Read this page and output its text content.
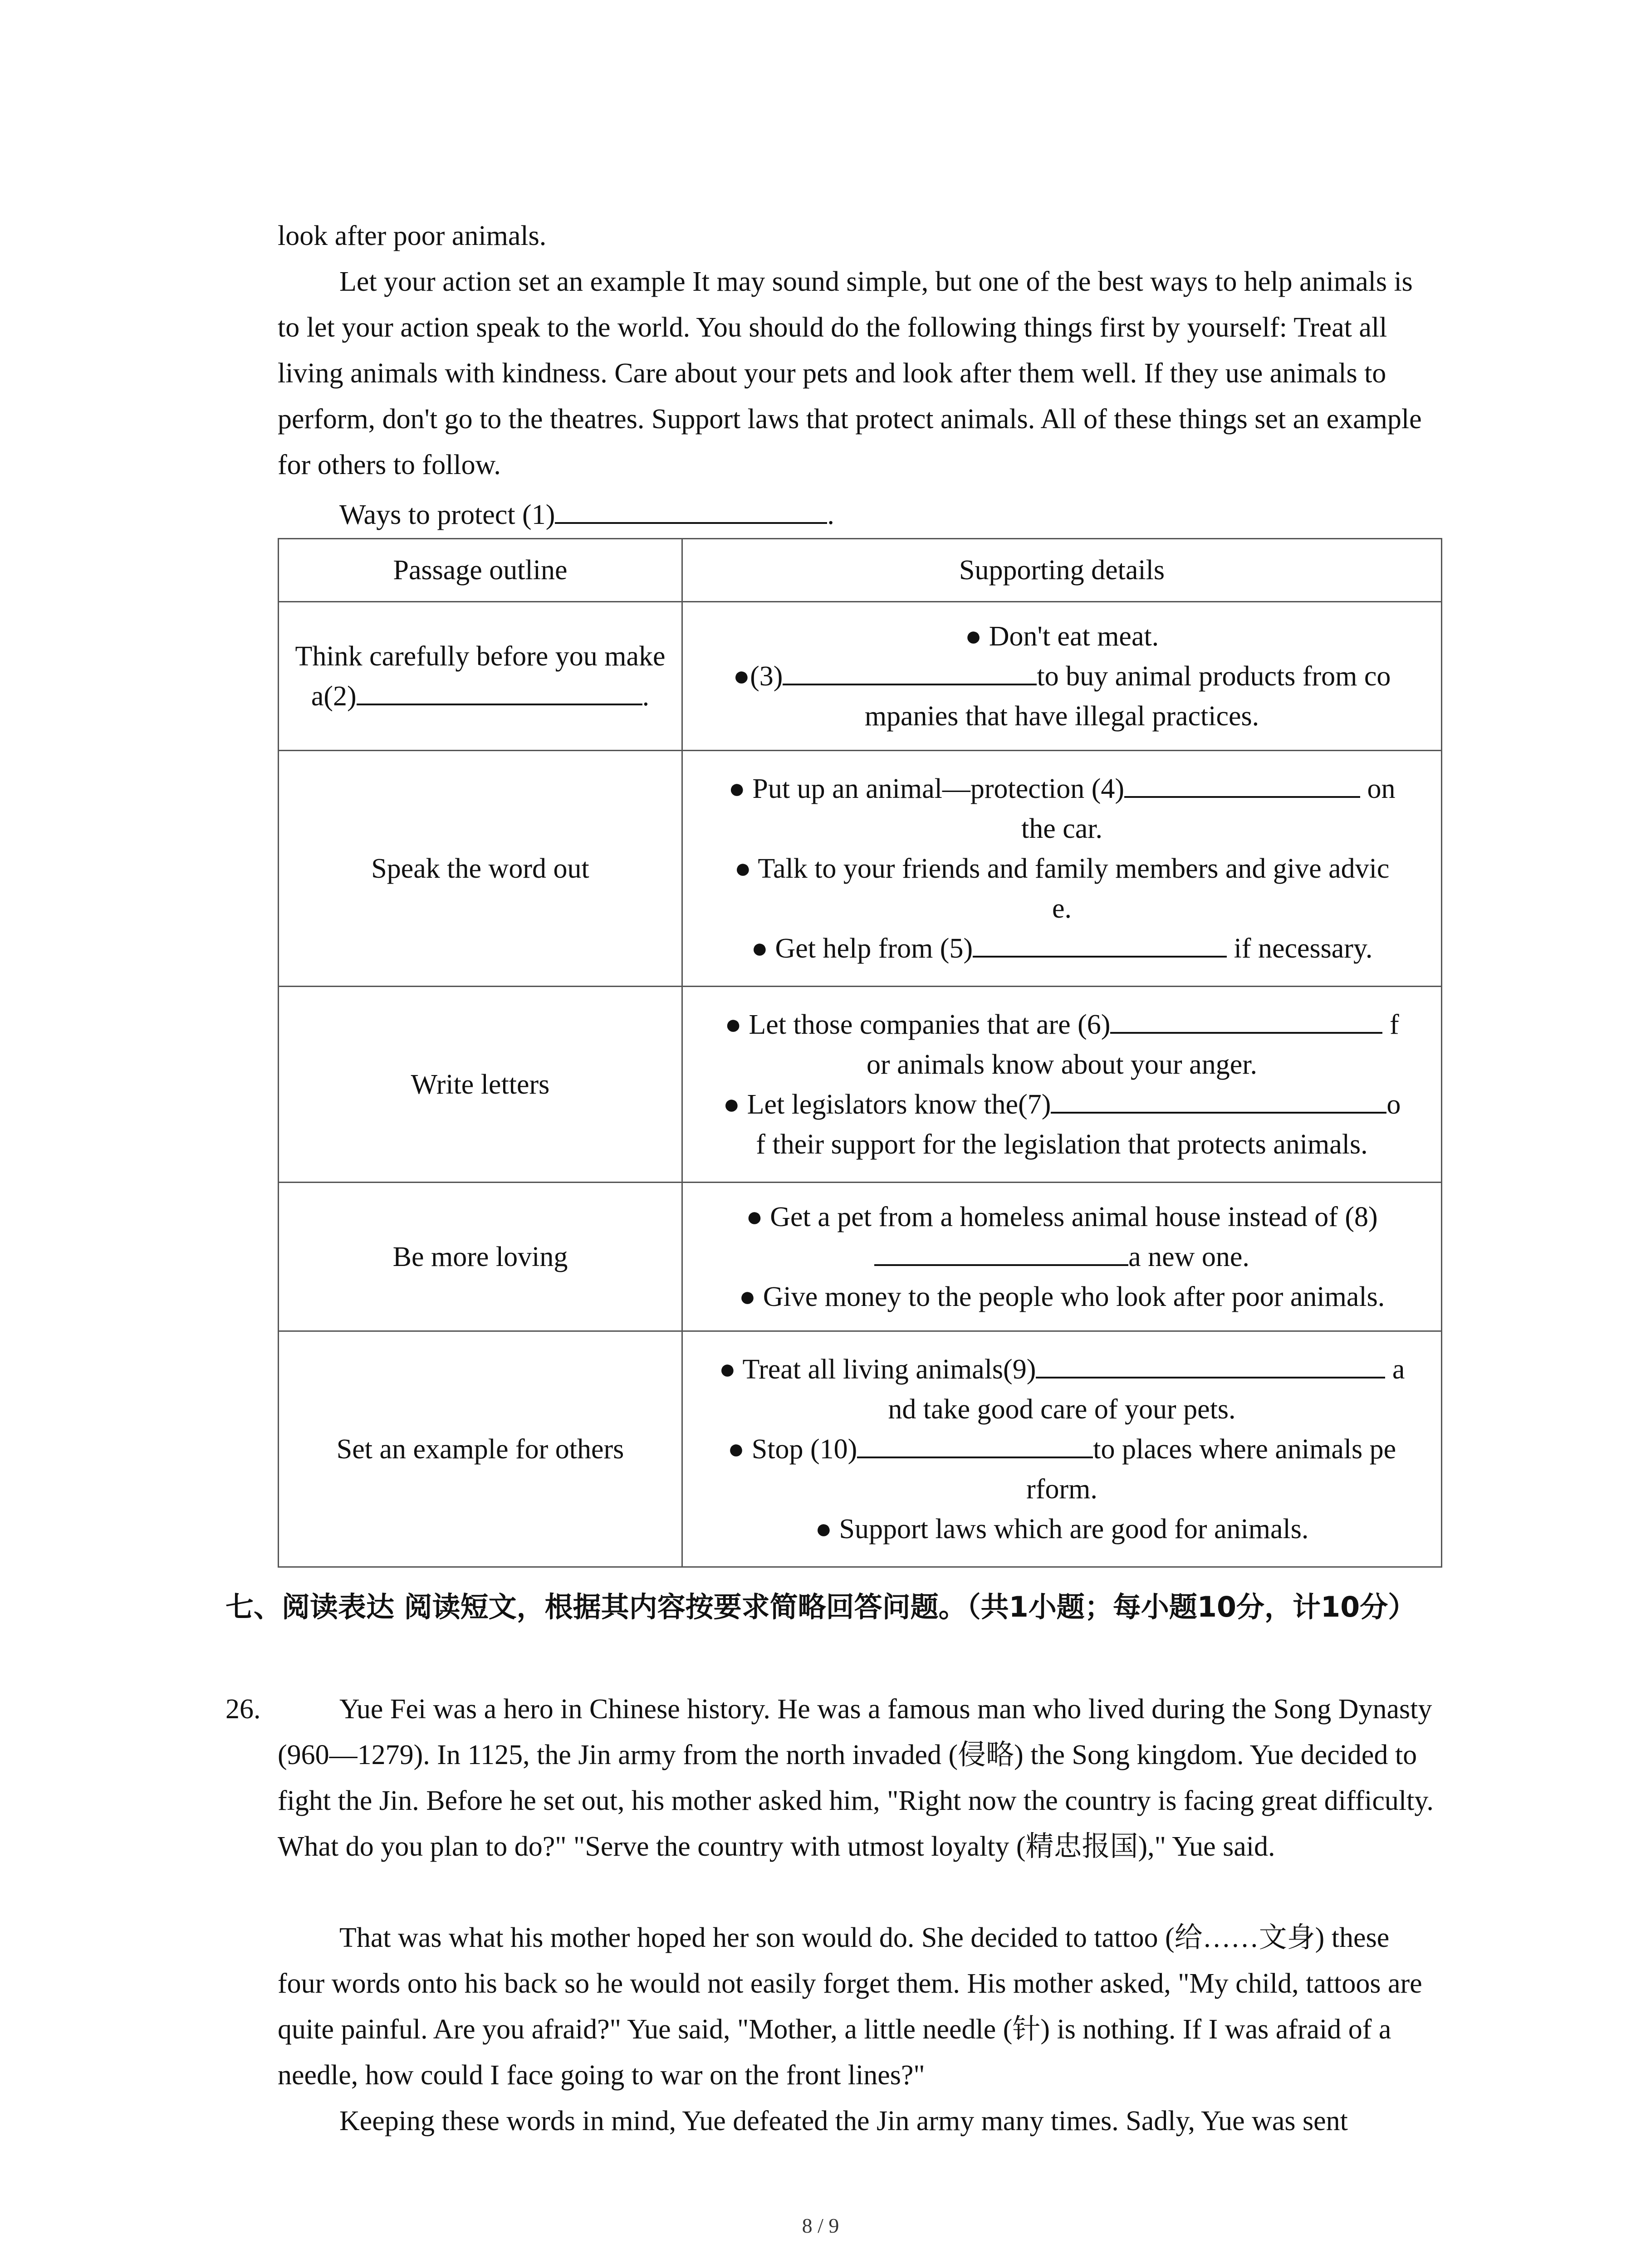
look after poor animals.

Let your action set an example It may sound simple, but one of the best ways to help animals is to let your action speak to the world. You should do the following things first by yourself: Treat all living animals with kindness. Care about your pets and look after them well. If they use animals to perform, don't go to the theatres. Support laws that protect animals. All of these things set an example for others to follow.

Ways to protect (1)	.

Passage outline	Supporting details

Think carefully before you make
a(2) .	● Don't eat meat.
●(3) to buy animal products from co
mpanies that have illegal practices.

Speak the word out	● Put up an animal—protection (4) on
the car.
● Talk to your friends and family members and give advic
e.
● Get help from (5) if necessary.

Write letters	● Let those companies that are (6) f
or animals know about your anger.
● Let legislators know the(7) o
f their support for the legislation that protects animals.

Be more loving	● Get a pet from a homeless animal house instead of (8)
a new one.
● Give money to the people who look after poor animals.

Set an example for others	● Treat all living animals(9) a
nd take good care of your pets.
● Stop (10) to places where animals pe
rform.
● Support laws which are good for animals.

七、阅读表达 阅读短文，根据其内容按要求简略回答问题。（共1小题；每小题10分，计10分）

26.	Yue Fei was a hero in Chinese history. He was a famous man who lived during the Song Dynasty (960—1279). In 1125, the Jin army from the north invaded (侵略) the Song kingdom. Yue decided to fight the Jin. Before he set out, his mother asked him, "Right now the country is facing great difficulty. What do you plan to do?" "Serve the country with utmost loyalty (精忠报国)," Yue said.

That was what his mother hoped her son would do. She decided to tattoo (给……文身) these four words onto his back so he would not easily forget them. His mother asked, "My child, tattoos are quite painful. Are you afraid?" Yue said, "Mother, a little needle (针) is nothing. If I was afraid of a needle, how could I face going to war on the front lines?"

Keeping these words in mind, Yue defeated the Jin army many times. Sadly, Yue was sent

8 / 9
